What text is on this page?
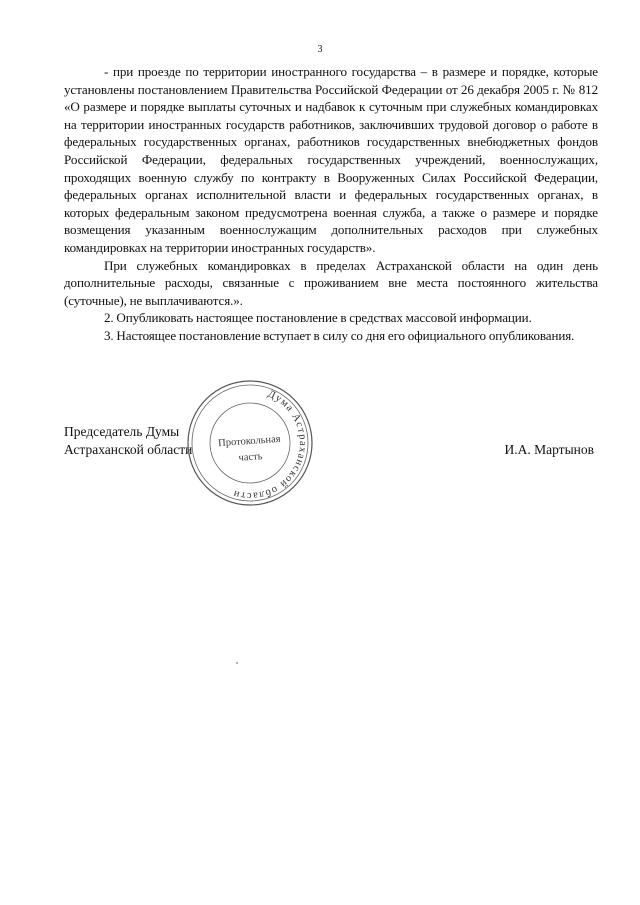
3

- при проезде по территории иностранного государства – в размере и порядке, которые установлены постановлением Правительства Российской Федерации от 26 декабря 2005 г. № 812 «О размере и порядке выплаты суточных и надбавок к суточным при служебных командировках на территории иностранных государств работников, заключивших трудовой договор о работе в федеральных государственных органах, работников государственных внебюджетных фондов Российской Федерации, федеральных государственных учреждений, военнослужащих, проходящих военную службу по контракту в Вооруженных Силах Российской Федерации, федеральных органах исполнительной власти и федеральных государственных органах, в которых федеральным законом предусмотрена военная служба, а также о размере и порядке возмещения указанным военнослужащим дополнительных расходов при служебных командировках на территории иностранных государств».

При служебных командировках в пределах Астраханской области на один день дополнительные расходы, связанные с проживанием вне места постоянного жительства (суточные), не выплачиваются.».

2. Опубликовать настоящее постановление в средствах массовой информации.

3. Настоящее постановление вступает в силу со дня его официального опубликования.

Председатель Думы
Астраханской области
Дума Астраханской области
Протокольная
часть
И.А. Мартынов
